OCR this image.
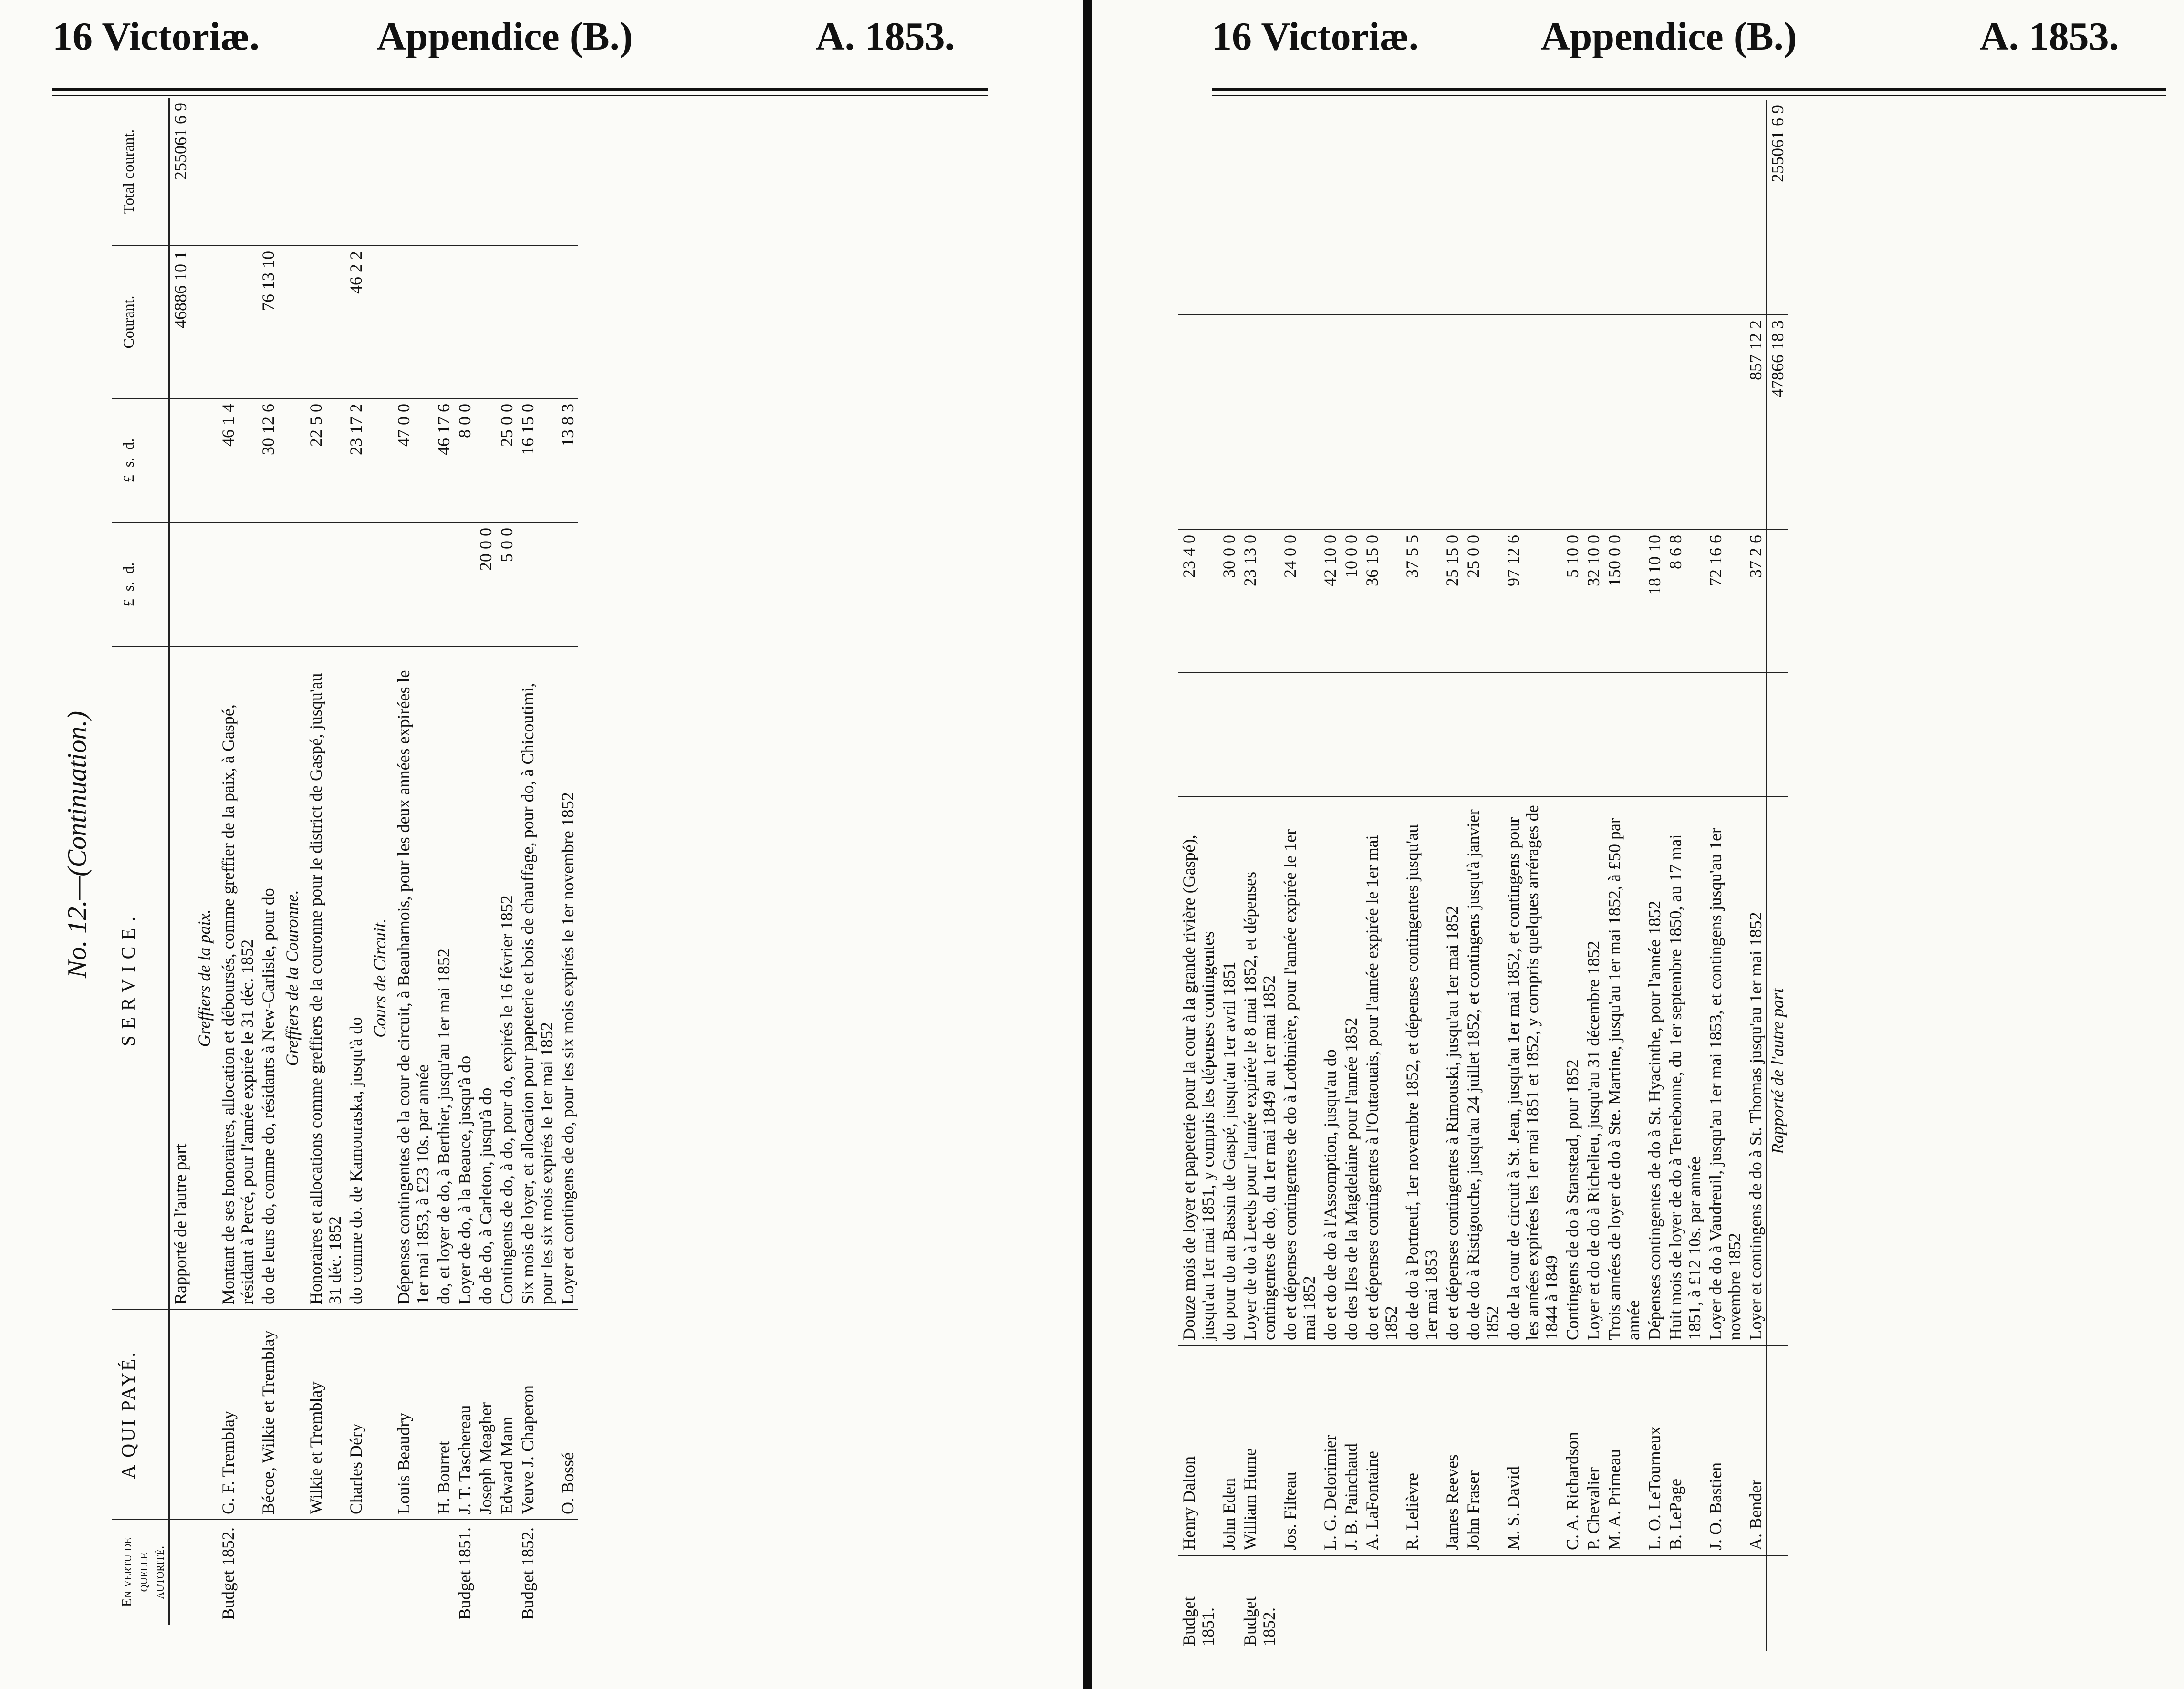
16 Victoriæ.	Appendice (B.)	A. 1853.
No. 12.—(Continuation.)
En vertu de quelle autorité.	A QUI PAYÉ.	SERVICE.	£  s.  d.	£  s.  d.	Courant.	Total courant.
		Rapporté de l'autre part			46886 10 1	255061 6 9
		Greffiers de la paix.				
Budget 1852.	G. F. Tremblay	Montant de ses honoraires, allocation et déboursés, comme greffier de la paix, à Gaspé, résidant à Percé, pour l'année expirée le 31 déc. 1852		46 1 4		
	Bécoe, Wilkie et Tremblay	do de leurs do, comme do, résidants à New-Carlisle, pour do		30 12 6	76 13 10	
		Greffiers de la Couronne.				
	Wilkie et Tremblay	Honoraires et allocations comme greffiers de la couronne pour le district de Gaspé, jusqu'au 31 déc. 1852		22 5 0		
	Charles Déry	do comme do. de Kamouraska, jusqu'à do		23 17 2	46 2 2	
		Cours de Circuit.				
	Louis Beaudry	Dépenses contingentes de la cour de circuit, à Beauharnois, pour les deux années expirées le 1er mai 1853, à £23 10s. par année		47 0 0		
	H. Bourret	do, et loyer de do, à Berthier, jusqu'au 1er mai 1852		46 17 6		
Budget 1851.	J. T. Taschereau	Loyer de do, à la Beauce, jusqu'à do		8 0 0		
	Joseph Meagher	do de do, à Carleton, jusqu'à do	20 0 0			
	Edward Mann	Contingents de do, à do, pour do, expirés le 16 février 1852	5 0 0	25 0 0		
Budget 1852.	Veuve J. Chaperon	Six mois de loyer, et allocation pour papeterie et bois de chauffage, pour do, à Chicoutimi, pour les six mois expirés le 1er mai 1852		16 15 0		
	O. Bossé	Loyer et contingens de do, pour les six mois expirés le 1er novembre 1852		13 8 3		
16 Victoriæ.	Appendice (B.)	A. 1853.
Budget 1851.	Henry Dalton	Douze mois de loyer et papeterie pour la cour à la grande rivière (Gaspé), jusqu'au 1er mai 1851, y compris les dépenses contingentes		23 4 0		
	John Eden	do pour do au Bassin de Gaspé, jusqu'au 1er avril 1851		30 0 0		
Budget 1852.	William Hume	Loyer de do à Leeds pour l'année expirée le 8 mai 1852, et dépenses contingentes de do, du 1er mai 1849 au 1er mai 1852		23 13 0		
	Jos. Filteau	do et dépenses contingentes de do à Lotbinière, pour l'année expirée le 1er mai 1852		24 0 0		
	L. G. Delorimier	do et do de do à l'Assomption, jusqu'au do		42 10 0		
	J. B. Painchaud	do des Iles de la Magdelaine pour l'année 1852		10 0 0		
	A. LaFontaine	do et dépenses contingentes à l'Outaouais, pour l'année expirée le 1er mai 1852		36 15 0		
	R. Lelièvre	do de do à Portneuf, 1er novembre 1852, et dépenses contingentes jusqu'au 1er mai 1853		37 5 5		
	James Reeves	do et dépenses contingentes à Rimouski, jusqu'au 1er mai 1852		25 15 0		
	John Fraser	do de do à Ristigouche, jusqu'au 24 juillet 1852, et contingens jusqu'à janvier 1852		25 0 0		
	M. S. David	do de la cour de circuit à St. Jean, jusqu'au 1er mai 1852, et contingens pour les années expirées les 1er mai 1851 et 1852, y compris quelques arrérages de 1844 à 1849		97 12 6		
	C. A. Richardson	Contingens de do à Stanstead, pour 1852		5 10 0		
	P. Chevalier	Loyer et do de do à Richelieu, jusqu'au 31 décembre 1852		32 10 0		
	M. A. Primeau	Trois années de loyer de do à Ste. Martine, jusqu'au 1er mai 1852, à £50 par année		150 0 0		
	L. O. LeTourneux	Dépenses contingentes de do à St. Hyacinthe, pour l'année 1852		18 10 10		
	B. LePage	Huit mois de loyer de do à Terrebonne, du 1er septembre 1850, au 17 mai 1851, à £12 10s. par année		8 6 8		
	J. O. Bastien	Loyer de do à Vaudreuil, jusqu'au 1er mai 1853, et contingens jusqu'au 1er novembre 1852		72 16 6		
	A. Bender	Loyer et contingens de do à St. Thomas jusqu'au 1er mai 1852		37 2 6	857 12 2	
		Rapporté de l'autre part			47866 18 3	255061 6 9
